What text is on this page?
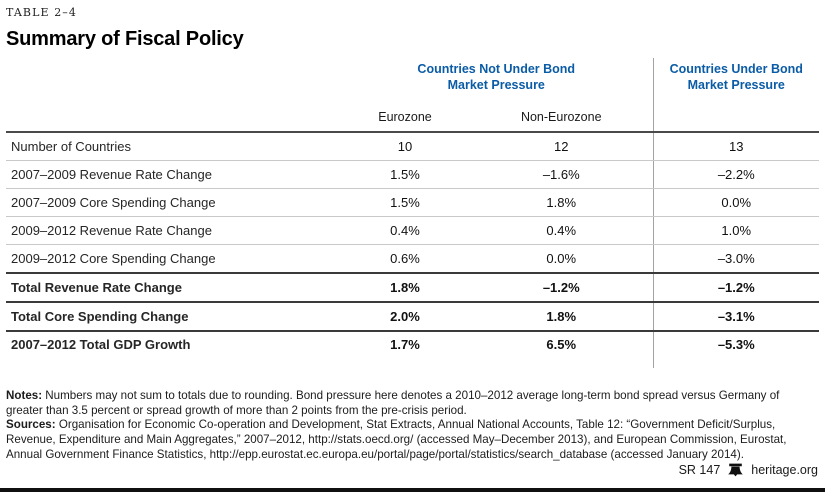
TABLE 2–4
Summary of Fiscal Policy
	Countries Not Under Bond Market Pressure		Countries Under Bond Market Pressure
	Eurozone	Non-Eurozone	
Number of Countries	10	12	13
2007–2009 Revenue Rate Change	1.5%	–1.6%	–2.2%
2007–2009 Core Spending Change	1.5%	1.8%	0.0%
2009–2012 Revenue Rate Change	0.4%	0.4%	1.0%
2009–2012 Core Spending Change	0.6%	0.0%	–3.0%
Total Revenue Rate Change	1.8%	–1.2%	–1.2%
Total Core Spending Change	2.0%	1.8%	–3.1%
2007–2012 Total GDP Growth	1.7%	6.5%	–5.3%
Notes: Numbers may not sum to totals due to rounding. Bond pressure here denotes a 2010–2012 average long-term bond spread versus Germany of greater than 3.5 percent or spread growth of more than 2 points from the pre-crisis period.
Sources: Organisation for Economic Co-operation and Development, Stat Extracts, Annual National Accounts, Table 12: “Government Deficit/Surplus, Revenue, Expenditure and Main Aggregates,” 2007–2012, http://stats.oecd.org/ (accessed May–December 2013), and European Commission, Eurostat, Annual Government Finance Statistics, http://epp.eurostat.ec.europa.eu/portal/page/portal/statistics/search_database (accessed January 2014).
SR 147 heritage.org
